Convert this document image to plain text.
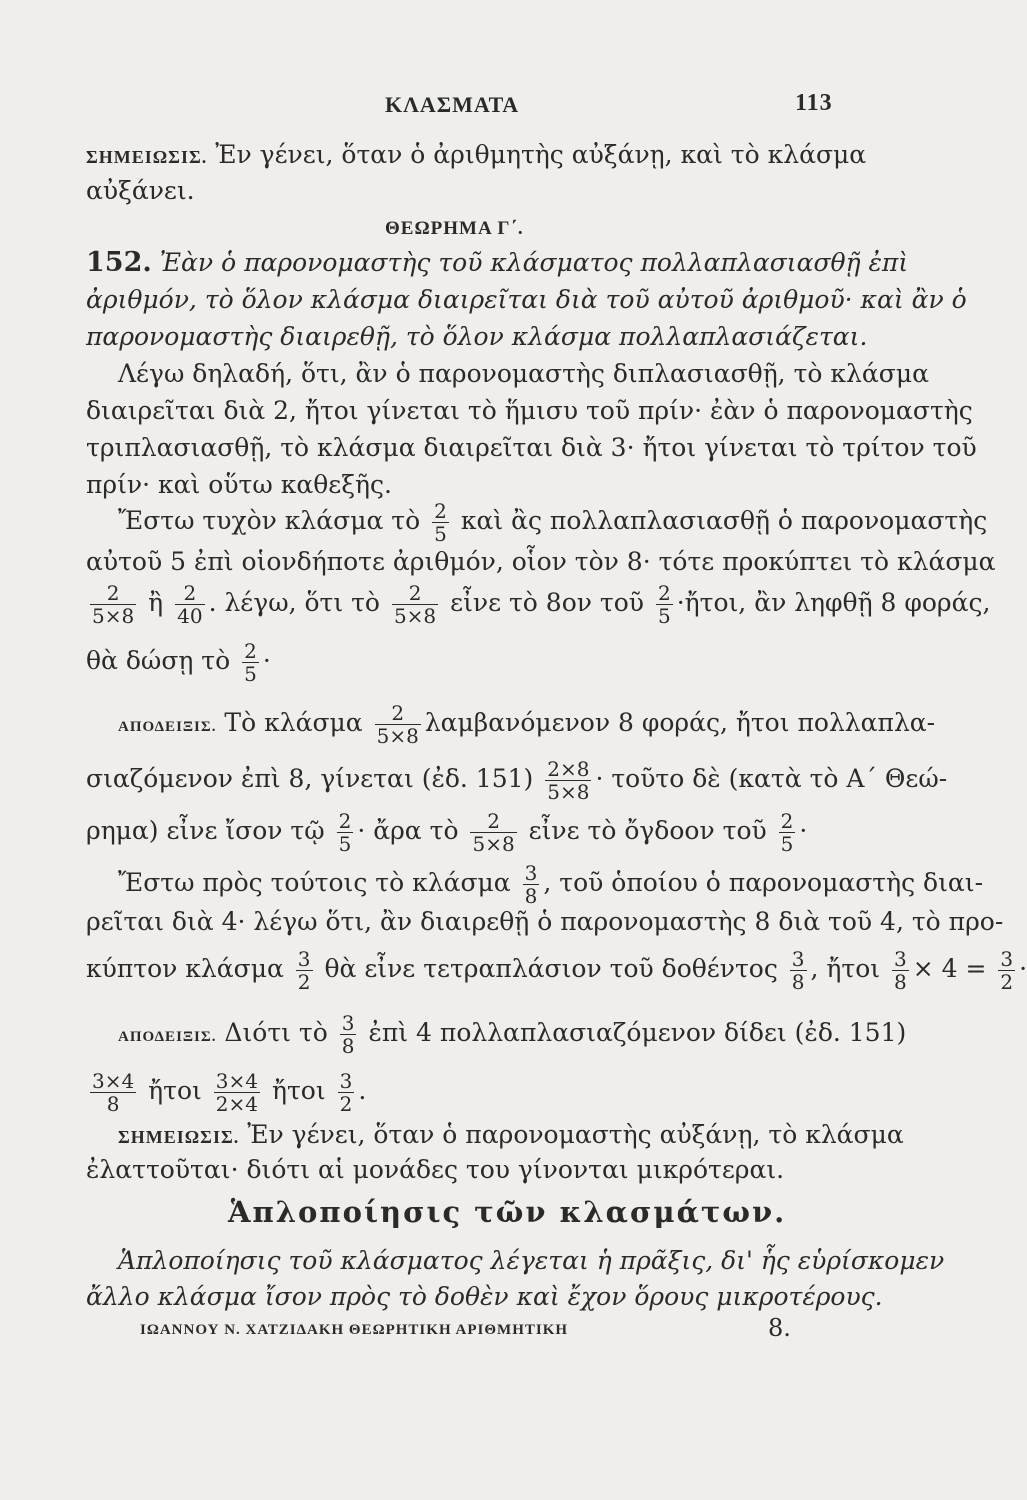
ΚΛΑΣΜΑΤΑ	113
ΣΗΜΕΙΩΣΙΣ. Ἐν γένει, ὅταν ὁ ἀριθμητὴς αὐξάνῃ, καὶ τὸ κλάσμα
αὐξάνει.
ΘΕΩΡΗΜΑ Γ΄.
152. Ἐὰν ὁ παρονομαστὴς τοῦ κλάσματος πολλαπλασιασθῇ ἐπὶ
ἀριθμόν, τὸ ὅλον κλάσμα διαιρεῖται διὰ τοῦ αὐτοῦ ἀριθμοῦ· καὶ ἂν ὁ
παρονομαστὴς διαιρεθῇ, τὸ ὅλον κλάσμα πολλαπλασιάζεται.
Λέγω δηλαδή, ὅτι, ἂν ὁ παρονομαστὴς διπλασιασθῇ, τὸ κλάσμα
διαιρεῖται διὰ 2, ἤτοι γίνεται τὸ ἥμισυ τοῦ πρίν· ἐὰν ὁ παρονομαστὴς
τριπλασιασθῇ, τὸ κλάσμα διαιρεῖται διὰ 3· ἤτοι γίνεται τὸ τρίτον τοῦ
πρίν· καὶ οὕτω καθεξῆς.
Ἔστω τυχὸν κλάσμα τὸ $\frac{2}{5}$ καὶ ἂς πολλαπλασιασθῇ ὁ παρονομαστὴς
αὐτοῦ 5 ἐπὶ οἱονδήποτε ἀριθμόν, οἷον τὸν 8· τότε προκύπτει τὸ κλάσμα
$\frac{2}{5\times 8}$ ἢ $\frac{2}{40}$ . λέγω, ὅτι τὸ $\frac{2}{5\times 8}$ εἶνε τὸ 8ον τοῦ $\frac{2}{5}$ ·ἤτοι, ἂν ληφθῇ 8 φοράς,
θὰ δώσῃ τὸ $\frac{2}{5}$ ·
ΑΠΟΔΕΙΞΙΣ. Τὸ κλάσμα $\frac{2}{5\times 8}$ λαμβανόμενον 8 φοράς, ἤτοι πολλαπλα-
σιαζόμενον ἐπὶ 8, γίνεται (ἐδ. $151) \frac{2\times 8}{5\times 8}$ · τοῦτο δὲ (κατὰ τὸ Α΄ Θεώ-
ρημα) εἶνε ἴσον τῷ $\frac{2}{5}$ · ἄρα τὸ $\frac{2}{5\times 8}$ εἶνε τὸ ὄγδοον τοῦ $\frac{2}{5}$ ·
Ἔστω πρὸς τούτοις τὸ κλάσμα $\frac{3}{8}$ , τοῦ ὁποίου ὁ παρονομαστὴς διαι-
ρεῖται διὰ 4· λέγω ὅτι, ἂν διαιρεθῇ ὁ παρονομαστὴς 8 διὰ τοῦ 4, τὸ προ-
κύπτον κλάσμα $\frac{3}{2}$ θὰ εἶνε τετραπλάσιον τοῦ δοθέντος $\frac{3}{8}$ , ἤτοι $\frac{3}{8} \times 4 = \frac{3}{2}$ ·
ΑΠΟΔΕΙΞΙΣ. Διότι τὸ $\frac{3}{8}$ ἐπὶ 4 πολλαπλασιαζόμενον δίδει (ἐδ. 151)
$\frac{3\times 4}{8}$ ἤτοι $\frac{3\times 4}{2\times 4}$ ἤτοι $\frac{3}{2}$ .
ΣΗΜΕΙΩΣΙΣ. Ἐν γένει, ὅταν ὁ παρονομαστὴς αὐξάνῃ, τὸ κλάσμα
ἐλαττοῦται· διότι αἱ μονάδες του γίνονται μικρότεραι.
Ἁπλοποίησις τῶν κλασμάτων.
Ἁπλοποίησις τοῦ κλάσματος λέγεται ἡ πρᾶξις, δι' ἧς εὑρίσκομεν
ἄλλο κλάσμα ἴσον πρὸς τὸ δοθὲν καὶ ἔχον ὅρους μικροτέρους.
ΙΩΑΝΝΟΥ Ν. ΧΑΤΖΙΔΑΚΗ ΘΕΩΡΗΤΙΚΗ ΑΡΙΘΜΗΤΙΚΗ	8.
